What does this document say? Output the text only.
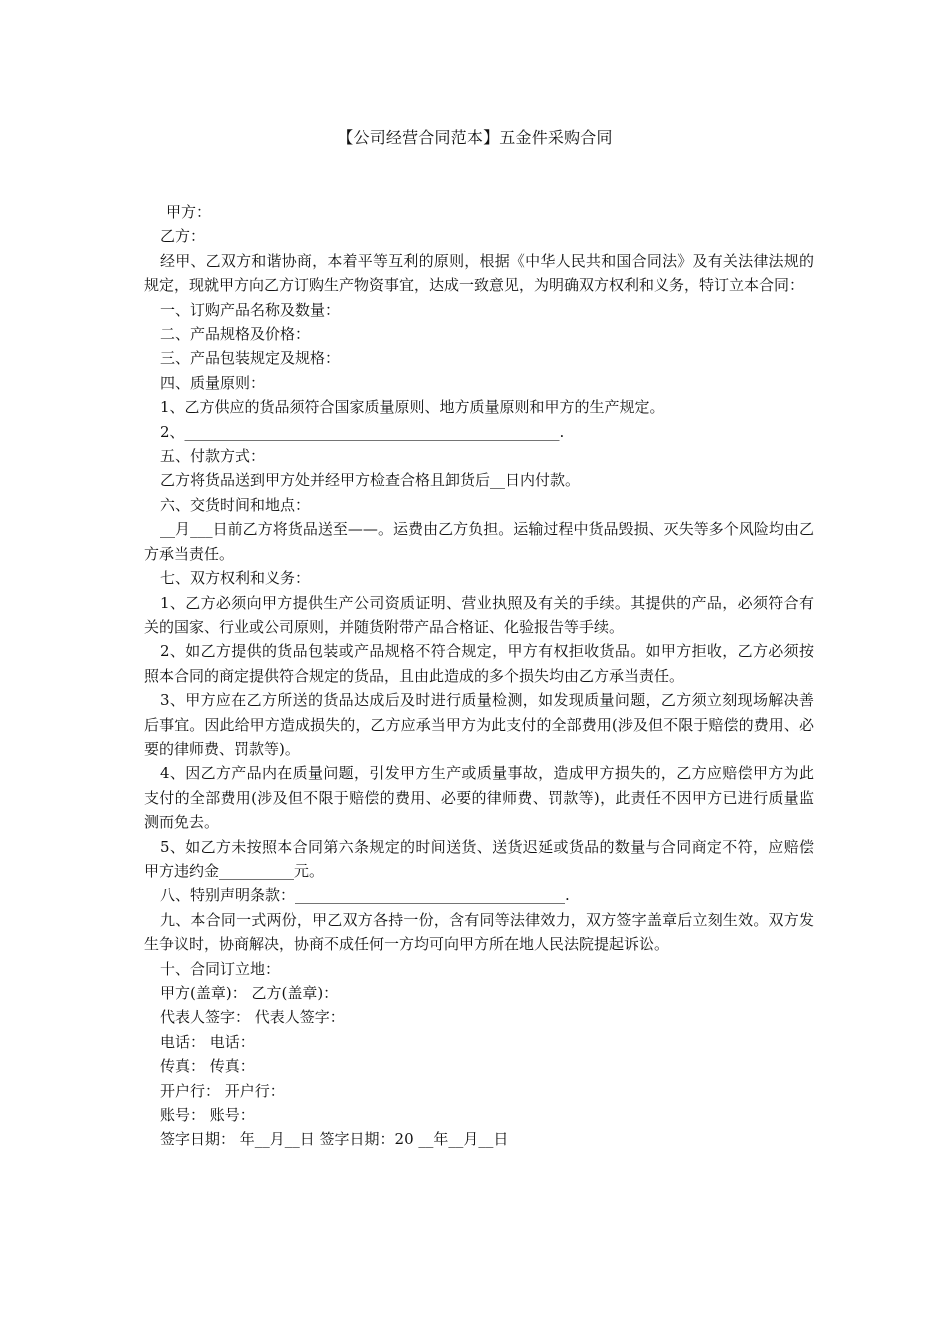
【公司经营合同范本】五金件采购合同

甲方：

乙方：

经甲、乙双方和谐协商，本着平等互利的原则，根据《中华人民共和国合同法》及有关法律法规的规定，现就甲方向乙方订购生产物资事宜，达成一致意见，为明确双方权利和义务，特订立本合同：

一、订购产品名称及数量：

二、产品规格及价格：

三、产品包装规定及规格：

四、质量原则：

1、乙方供应的货品须符合国家质量原则、地方质量原则和甲方的生产规定。

2、__________________________________________________.

五、付款方式：

乙方将货品送到甲方处并经甲方检查合格且卸货后__日内付款。

六、交货时间和地点：

__月___日前乙方将货品送至——。运费由乙方负担。运输过程中货品毁损、灭失等多个风险均由乙方承当责任。

七、双方权利和义务：

1、乙方必须向甲方提供生产公司资质证明、营业执照及有关的手续。其提供的产品，必须符合有关的国家、行业或公司原则，并随货附带产品合格证、化验报告等手续。

2、如乙方提供的货品包装或产品规格不符合规定，甲方有权拒收货品。如甲方拒收，乙方必须按照本合同的商定提供符合规定的货品，且由此造成的多个损失均由乙方承当责任。

3、甲方应在乙方所送的货品达成后及时进行质量检测，如发现质量问题，乙方须立刻现场解决善后事宜。因此给甲方造成损失的，乙方应承当甲方为此支付的全部费用(涉及但不限于赔偿的费用、必要的律师费、罚款等)。

4、因乙方产品内在质量问题，引发甲方生产或质量事故，造成甲方损失的，乙方应赔偿甲方为此支付的全部费用(涉及但不限于赔偿的费用、必要的律师费、罚款等)，此责任不因甲方已进行质量监测而免去。

5、如乙方未按照本合同第六条规定的时间送货、送货迟延或货品的数量与合同商定不符，应赔偿甲方违约金__________元。

八、特别声明条款：____________________________________.

九、本合同一式两份，甲乙双方各持一份，含有同等法律效力，双方签字盖章后立刻生效。双方发生争议时，协商解决，协商不成任何一方均可向甲方所在地人民法院提起诉讼。

十、合同订立地：

甲方(盖章)： 乙方(盖章)：

代表人签字： 代表人签字：

电话： 电话：

传真： 传真：

开户行： 开户行：

账号： 账号：

签字日期： 年__月__日 签字日期：20 __年__月__日
